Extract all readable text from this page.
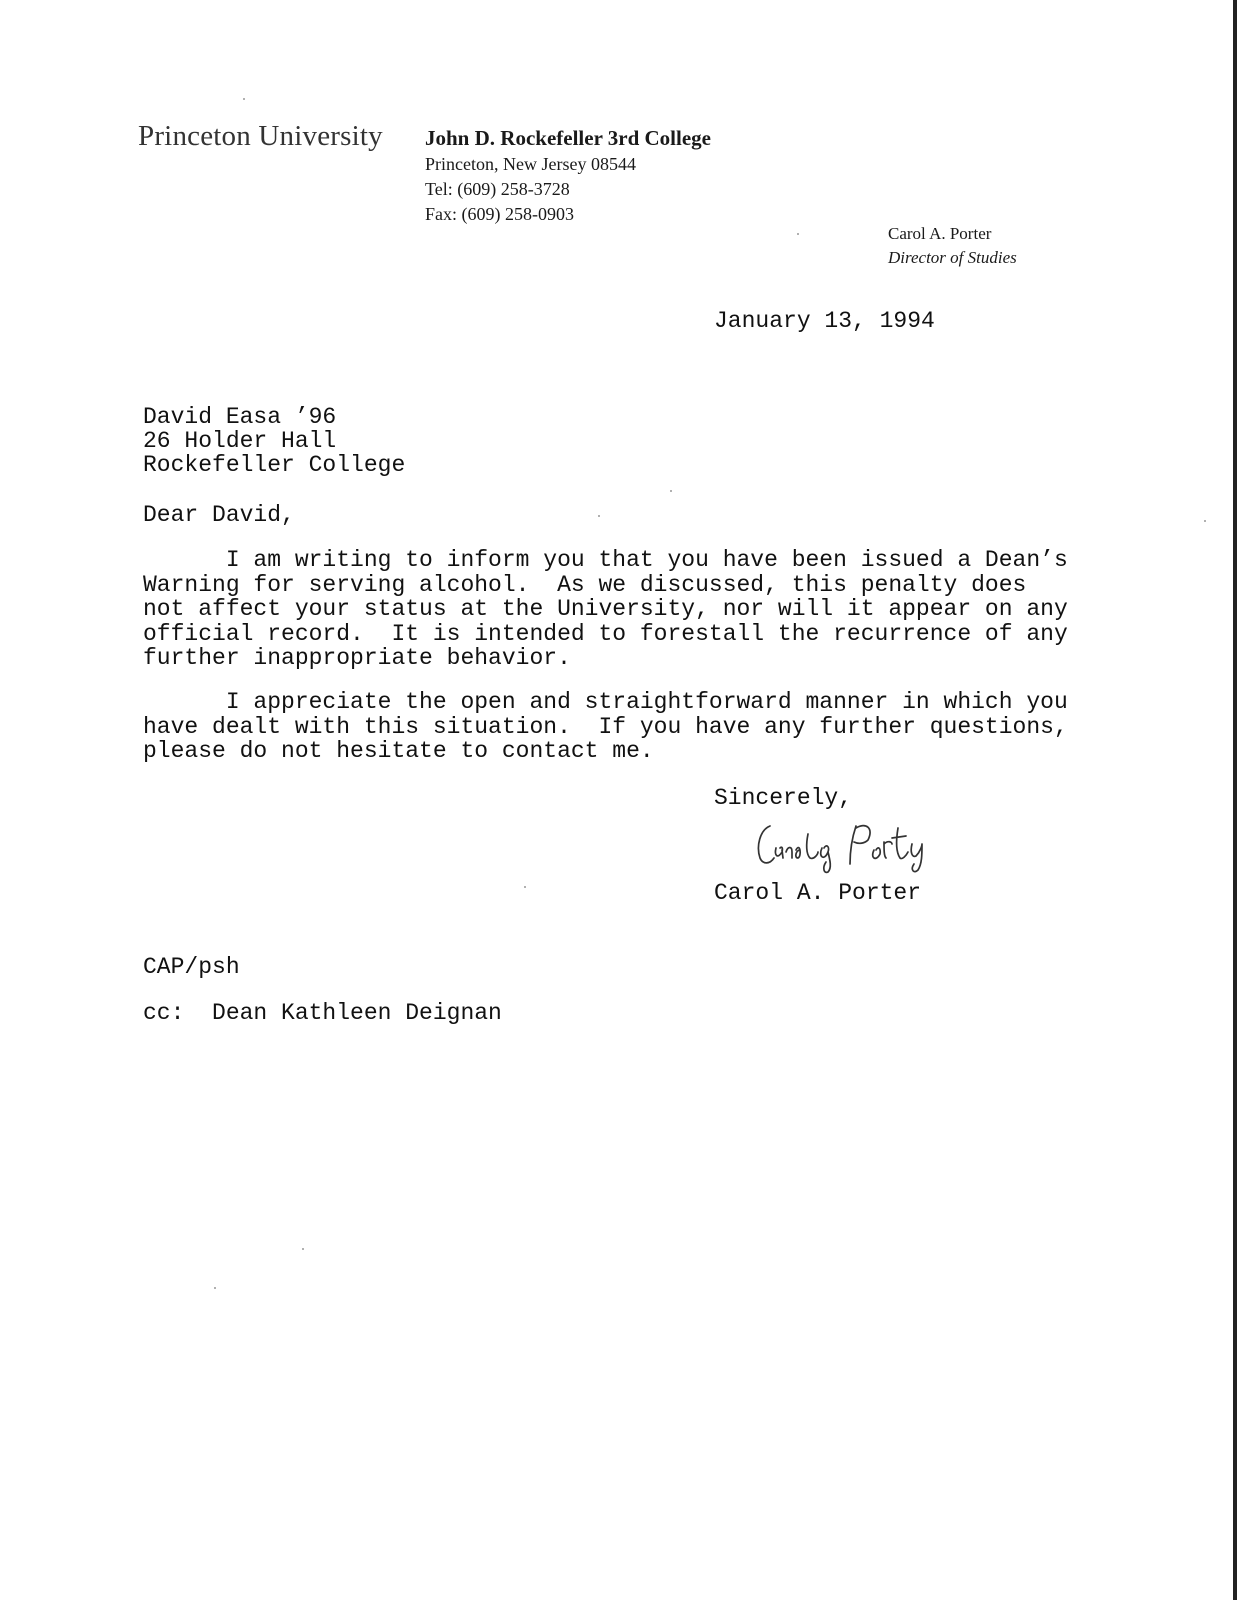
Princeton University John D. Rockefeller 3rd College
Princeton, New Jersey 08544
Tel: (609) 258-3728
Fax: (609) 258-0903
Carol A. Porter
Director of Studies
January 13, 1994
David Easa ’96
26 Holder Hall
Rockefeller College
Dear David,
I am writing to inform you that you have been issued a Dean’s
Warning for serving alcohol.  As we discussed, this penalty does
not affect your status at the University, nor will it appear on any
official record.  It is intended to forestall the recurrence of any
further inappropriate behavior.
I appreciate the open and straightforward manner in which you
have dealt with this situation.  If you have any further questions,
please do not hesitate to contact me.
Sincerely,
Carol A. Porter
CAP/psh
cc:  Dean Kathleen Deignan
